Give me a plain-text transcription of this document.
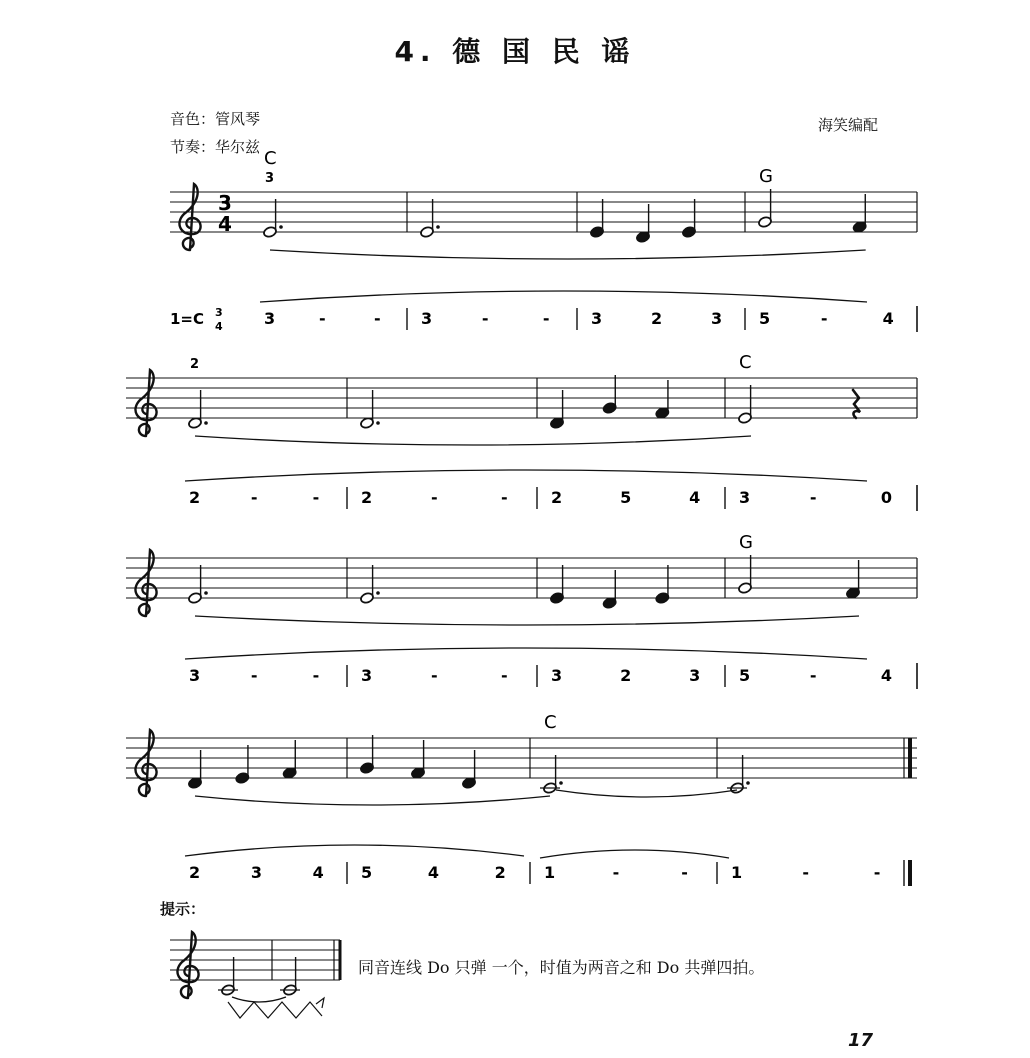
4. 德 国 民 谣
音色：管风琴
节奏：华尔兹
海笑编配
3
4
C
G
3
1=C 3
4	3	-	-	3	-	-	3	2	3 5	-	4
C
2
2	-	-	2	-	-	2	5	4 3	-	0
G
3	-	-	3	-	-	3	2	3 5	-	4
C
2	3	4 5	4	2 1	-	-	1	-	-
提示：
同音连线 Do 只弹 一个，时值为两音之和 Do 共弹四拍。
17
